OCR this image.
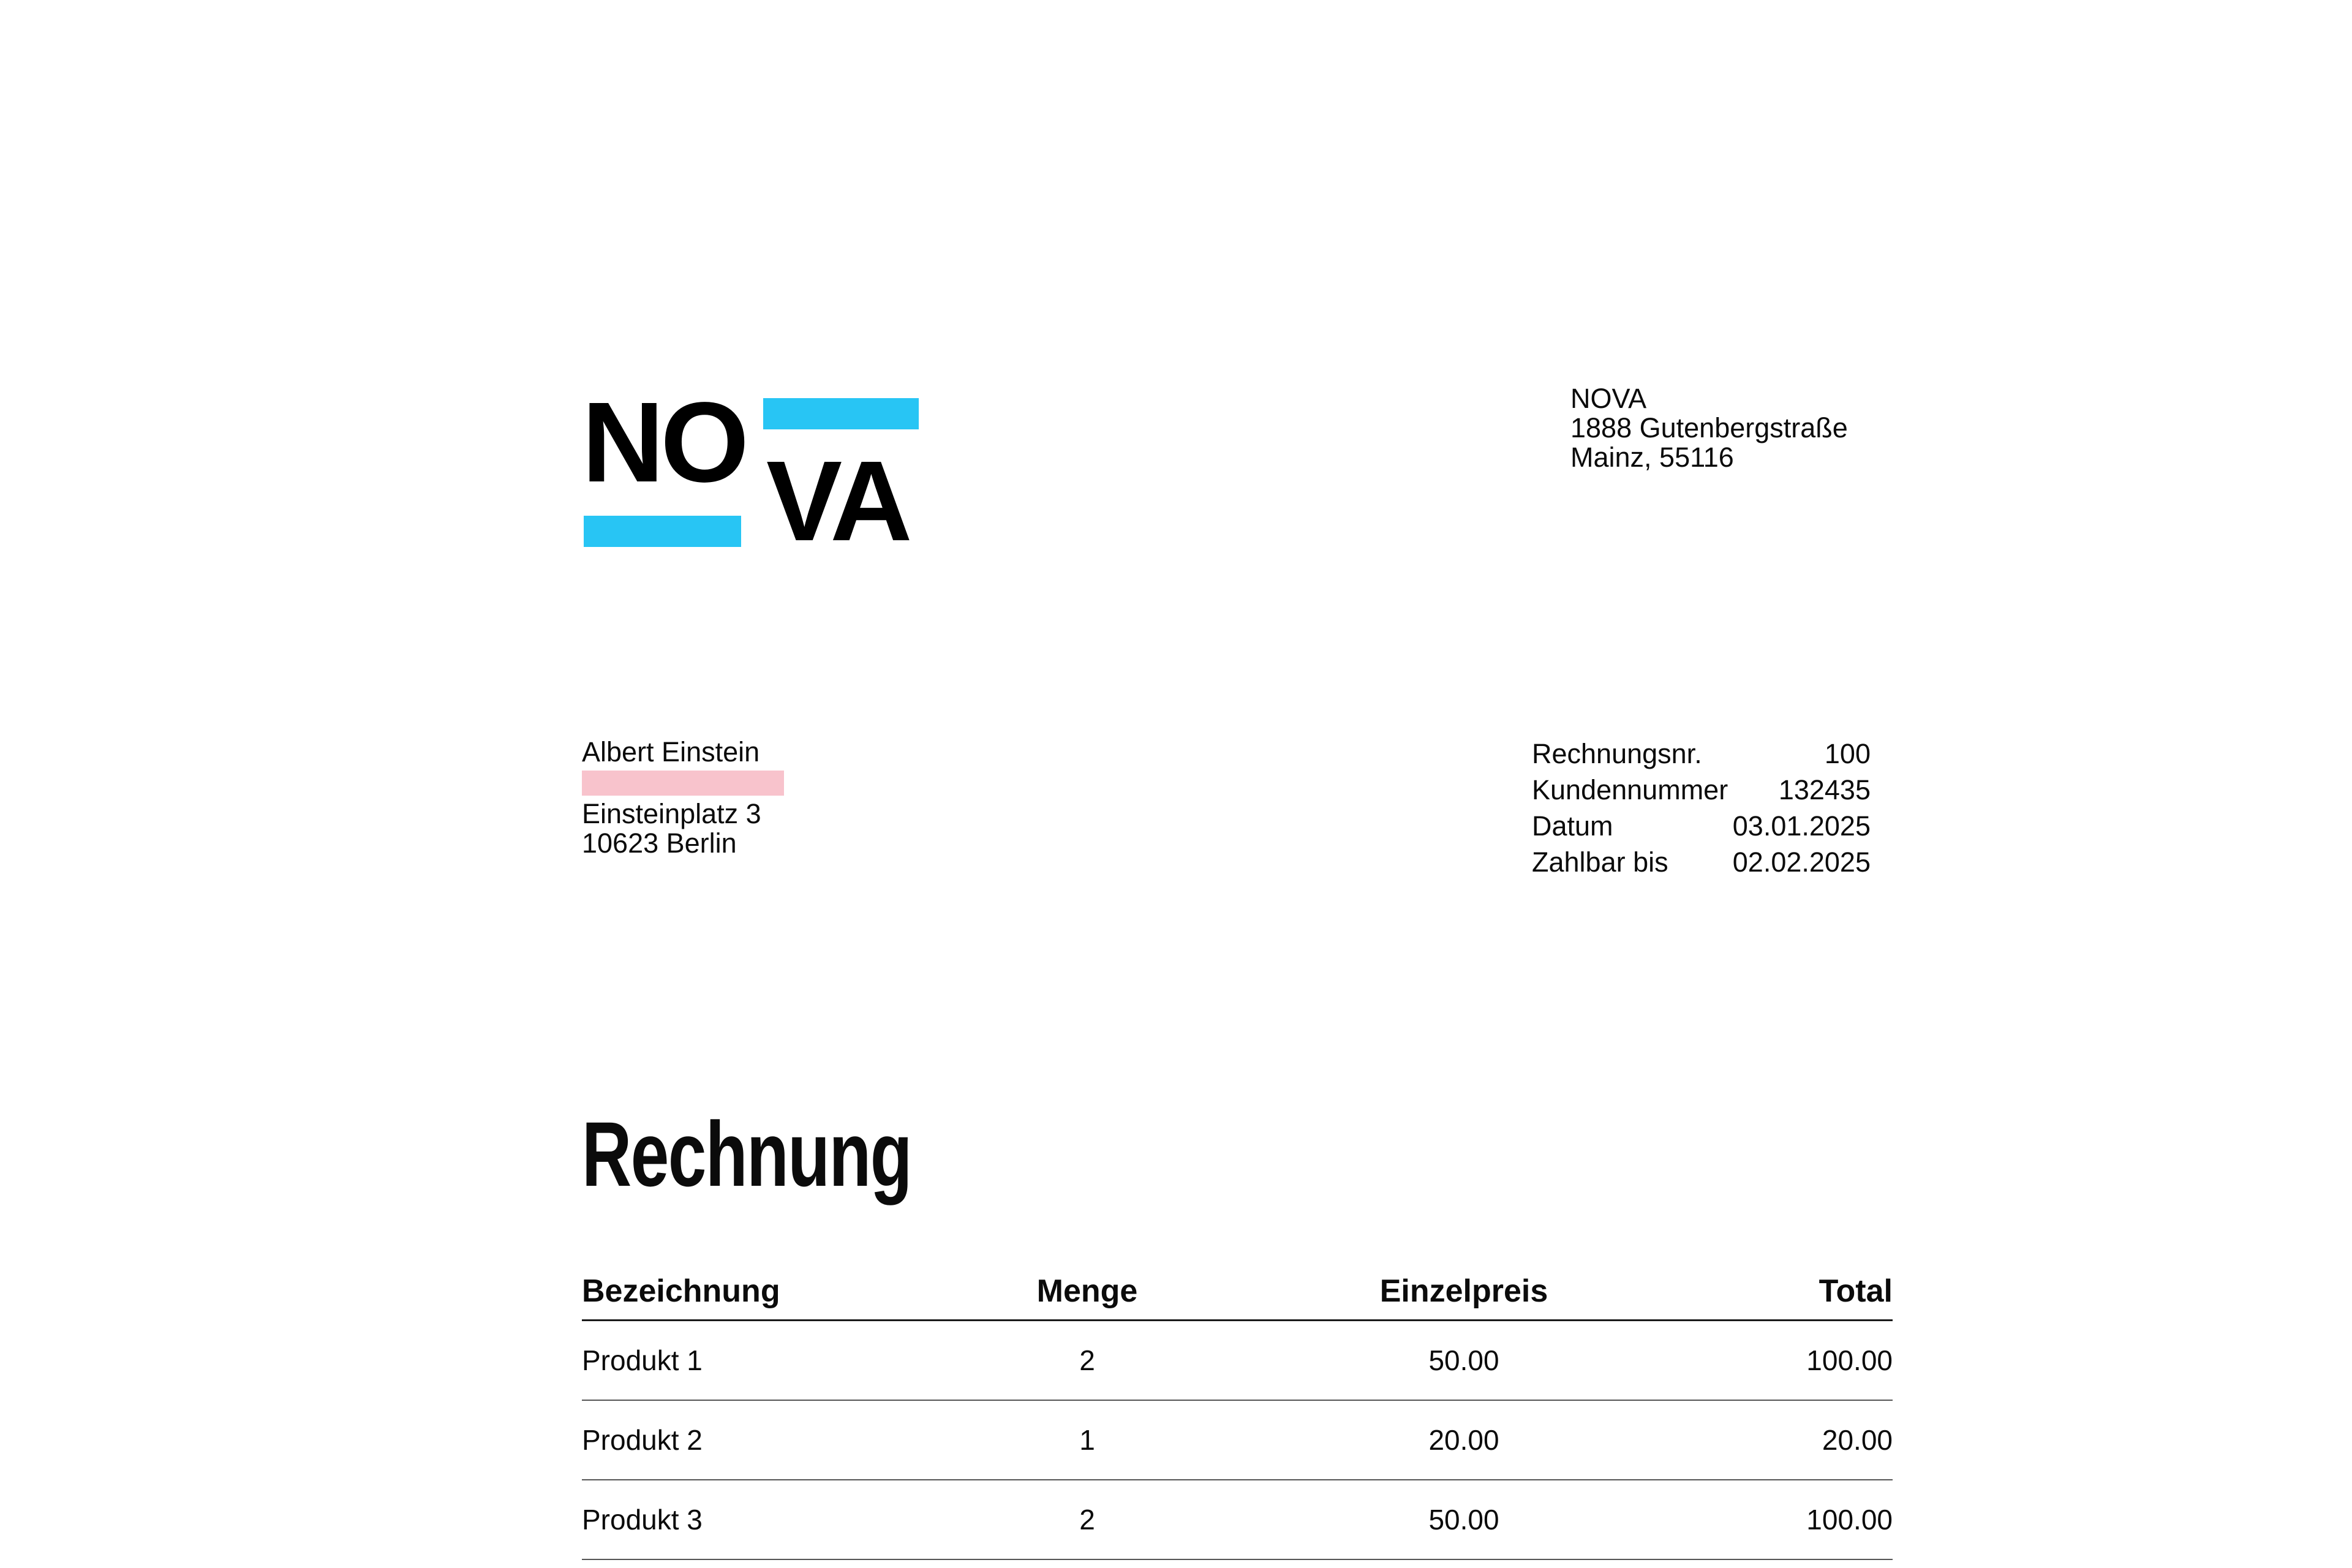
NO VA
NOVA
1888 Gutenbergstraße
Mainz, 55116
Albert Einstein
Einsteinplatz 3
10623 Berlin
Rechnungsnr.	100
Kundennummer 132435
Datum	03.01.2025
Zahlbar bis 02.02.2025
Rechnung
Bezeichnung	Menge	Einzelpreis	Total
Produkt 1	2	50.00	100.00
Produkt 2	1	20.00	20.00
Produkt 3	2	50.00	100.00
